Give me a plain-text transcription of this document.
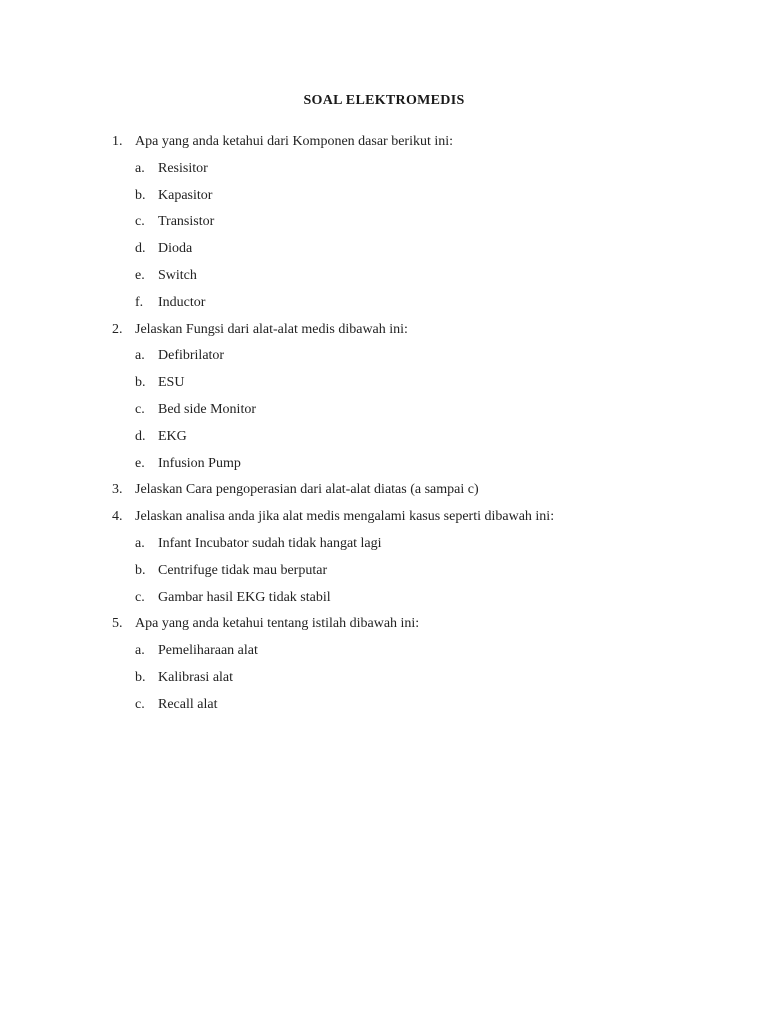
SOAL ELEKTROMEDIS
1. Apa yang anda ketahui dari Komponen dasar berikut ini:
a. Resisitor
b. Kapasitor
c. Transistor
d. Dioda
e. Switch
f. Inductor
2. Jelaskan Fungsi dari alat-alat medis dibawah ini:
a. Defibrilator
b. ESU
c. Bed side Monitor
d. EKG
e. Infusion Pump
3. Jelaskan Cara pengoperasian dari alat-alat diatas (a sampai c)
4. Jelaskan analisa anda jika alat medis mengalami kasus seperti dibawah ini:
a. Infant Incubator sudah tidak hangat lagi
b. Centrifuge tidak mau berputar
c. Gambar hasil EKG tidak stabil
5. Apa yang anda ketahui tentang istilah dibawah ini:
a. Pemeliharaan alat
b. Kalibrasi alat
c. Recall alat
